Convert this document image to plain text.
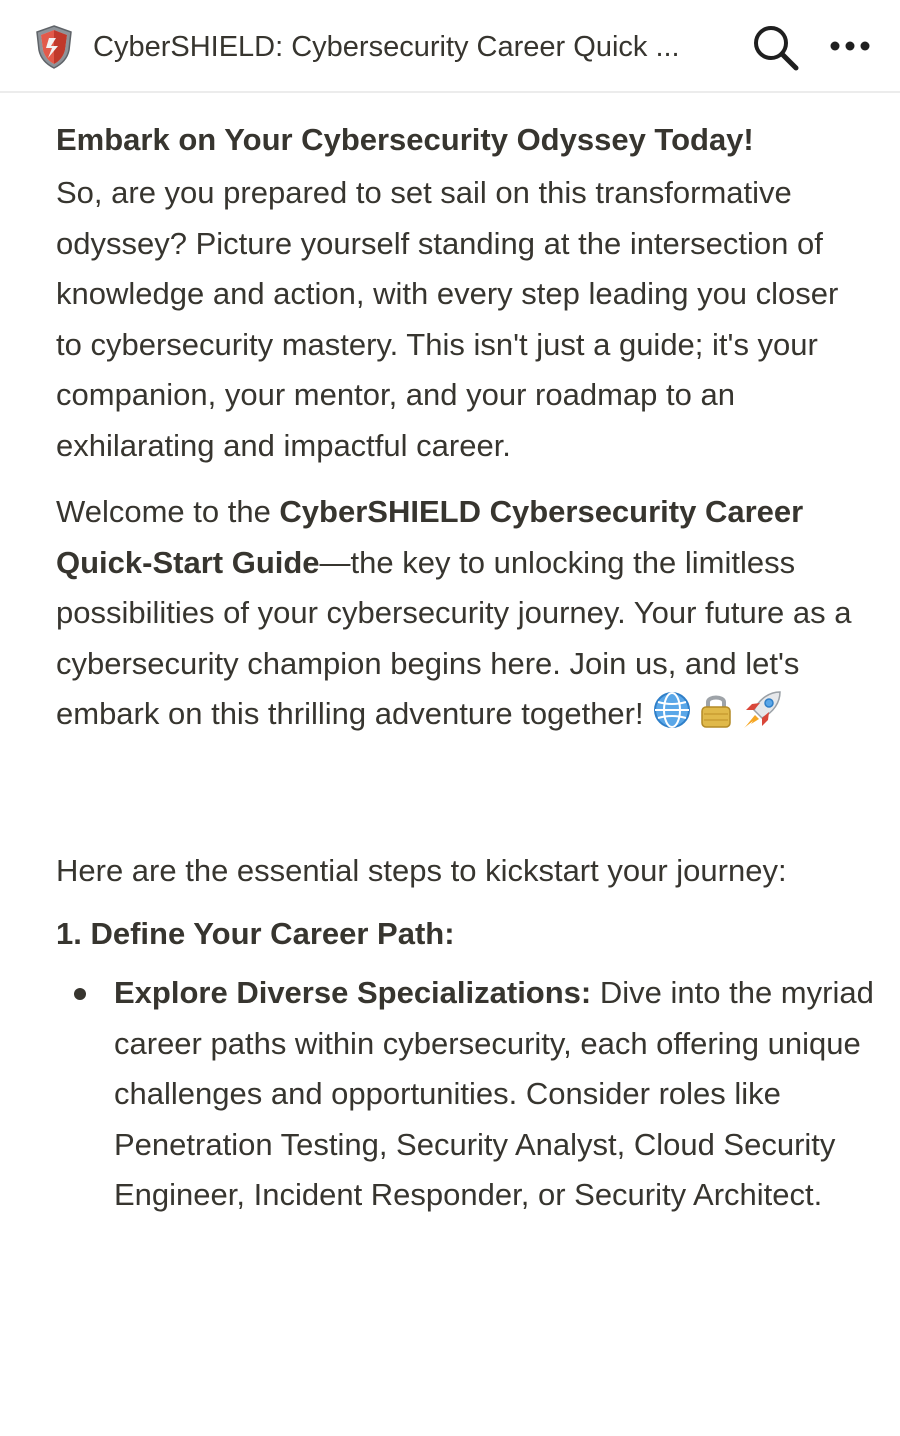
CyberSHIELD: Cybersecurity Career Quick ...
Embark on Your Cybersecurity Odyssey Today!

So, are you prepared to set sail on this transformative odyssey? Picture yourself standing at the intersection of knowledge and action, with every step leading you closer to cybersecurity mastery. This isn't just a guide; it's your companion, your mentor, and your roadmap to an exhilarating and impactful career.

Welcome to the CyberSHIELD Cybersecurity Career Quick-Start Guide—the key to unlocking the limitless possibilities of your cybersecurity journey. Your future as a cybersecurity champion begins here. Join us, and let's embark on this thrilling adventure together!

Here are the essential steps to kickstart your journey:

1. Define Your Career Path:

Explore Diverse Specializations: Dive into the myriad career paths within cybersecurity, each offering unique challenges and opportunities. Consider roles like Penetration Testing, Security Analyst, Cloud Security Engineer, Incident Responder, or Security Architect.
